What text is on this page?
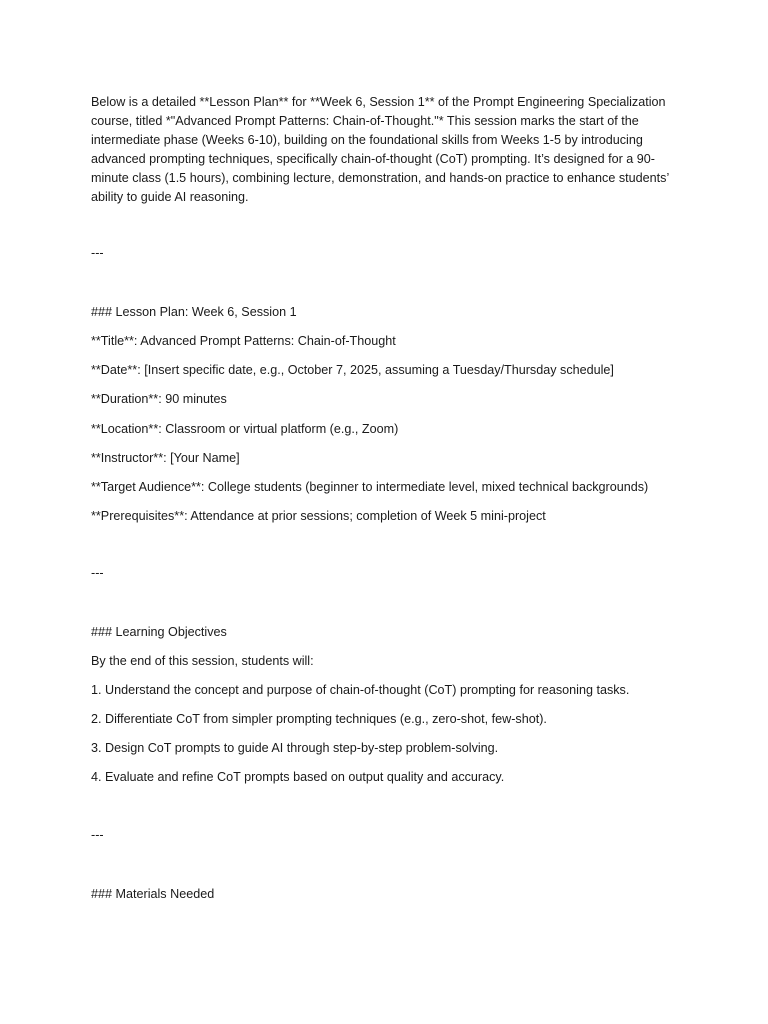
Below is a detailed **Lesson Plan** for **Week 6, Session 1** of the Prompt Engineering Specialization course, titled *"Advanced Prompt Patterns: Chain-of-Thought."* This session marks the start of the intermediate phase (Weeks 6-10), building on the foundational skills from Weeks 1-5 by introducing advanced prompting techniques, specifically chain-of-thought (CoT) prompting. It’s designed for a 90-minute class (1.5 hours), combining lecture, demonstration, and hands-on practice to enhance students’ ability to guide AI reasoning.

---

### Lesson Plan: Week 6, Session 1

**Title**: Advanced Prompt Patterns: Chain-of-Thought

**Date**: [Insert specific date, e.g., October 7, 2025, assuming a Tuesday/Thursday schedule]

**Duration**: 90 minutes

**Location**: Classroom or virtual platform (e.g., Zoom)

**Instructor**: [Your Name]

**Target Audience**: College students (beginner to intermediate level, mixed technical backgrounds)

**Prerequisites**: Attendance at prior sessions; completion of Week 5 mini-project

---

### Learning Objectives

By the end of this session, students will:

1. Understand the concept and purpose of chain-of-thought (CoT) prompting for reasoning tasks.

2. Differentiate CoT from simpler prompting techniques (e.g., zero-shot, few-shot).

3. Design CoT prompts to guide AI through step-by-step problem-solving.

4. Evaluate and refine CoT prompts based on output quality and accuracy.

---

### Materials Needed
